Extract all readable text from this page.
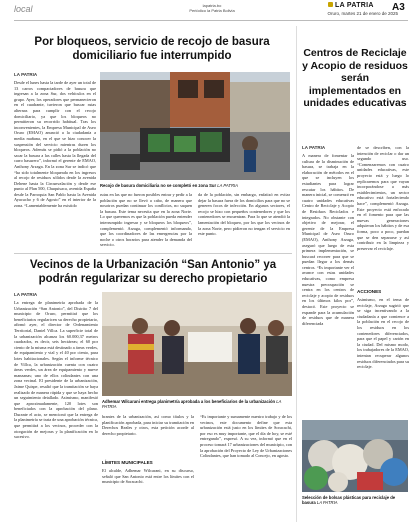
local	lapatria.bo
Periódico la Patria Bolivia
LA PATRIA
Oruro, martes 21 de enero de 2025
A3
Por bloqueos, servicio de recojo de basura domiciliario fue interrumpido
LA PATRIA
Desde el lunes hasta la tarde de ayer un total de 13 carros compactadores de basura que ingresan a la zona Sur, dos vehículos en el grupo. Ayer, los operadores que permanecieron en el cuadrante, tuvieron que buscar rutas alternas para cumplir con el recojo domiciliario, ya que los bloqueos no permitieron su recorrido habitual. Tras los inconvenientes, la Empresa Municipal de Aseo Oruro (EMAO) anunció a la ciudadanía a media mañana, en el que se hizo conocer la suspensión del servicio mientras duren los bloqueos. Además se pidió a la población no sacar la basura a las calles hasta la llegada del carro basurero”, informó el gerente de EMAO, Anthony Arzaga. En la zona Sur se indicó que “ha sido totalmente bloqueada en los ingresos al recojo de residuos sólidos desde la avenida Dehene hasta la Circunvalación y desde ese punto al Plan 500, Chuquisaca, avenida España desde la Parroquia San Pablo hasta la Avenida Ayacucho y 6 de Agosto” en el interior de la zona. “Lamentablemente ha existido
Recojo de basura domiciliaria no se completó en zona Sur LA PATRIA
rutas en las que no fueron posibles entrar y pedir a la población que no se llevó a cabo, de manera que nosotros puedan continuar los conflictos, no saquen la basura. Este tema necesita que en la zona Norte. Lo que queremos es que la población pueda entender interrumpido ingresar y se bloqueos los bloqueos”, complementó. Arzaga, complementó informando, que los coordinadores de las emergencias por la noche o otros horarios para atender la demanda del servicio.
da de la población, sin embargo, enfatizó en evitar dejar la basura fuera de los domicilios para que no se generen focos de infección. En algunos sectores, el recojo se hizo con pequeños contenedores y que los contenedores se encuentran. Para lo que se atendió la lamentación del bloqueo, por los que los vecinos de la zona Norte, pero pidieron no tengan el servicio en este punto.
Centros de Reciclaje y Acopio de residuos serán implementados en unidades educativas
LA PATRIA
A manera de fomentar la cultura de la disminución de basura, se trabaja en la elaboración de métodos en el que se incluyen los estudiantes para lograr rescatar los hábitos. De manera inicial, se comenzó en cuatro unidades educativas Centro de Reciclaje y Acopio de Residuos Reciclados e integrados. No obstante con objetivo de mejorar, el gerente de la Empresa Municipal de Aseo Oruro (EMAO), Anthony Arzaga, aseguró que luego de esta primera implementación, se buscará recorrer para que se puedan llegar a los demás centros. “Es importante ver el avance con estas unidades educativas, como empresa nuestra preocupación se centra en los centros de reciclaje y acopio de residuos en los últimos kilos por”, destacó. Este proyecto se expande para la acumulación de residuos que de manera diferenciada
de se describen, con la intención de reciclar o dar un segundo uso. “Comenzaremos con cuatro unidades educativas, este proyecto está y luego lo replicaremos para que vayan incorporándose a más establecimientos, un sector educativo está fortaleciendo hace”, complementó Arzaga. Este proyecto está enfocado en el fomento para que las nuevas generaciones adquieran los hábitos y de esa forma, poco a poco, puedan que se den separarse y así contribuir en la limpieza y preservar el reciclaje.
ACCIONES
Asimismo, en el tema de reciclaje, Arzaga sugirió que se siga incentivando a la ciudadanía a que comience a la población en el recojo de los residuos en los contenedores diferenciados, para que el papel y cartón en la ciudad. Del mismo modo, los trabajadores de la EMAO, intentan recuperar algunos residuos diferenciados para su reciclaje.
Selección de bolsas plásticas para reciclaje de basura LA PATRIA
Vecinos de la Urbanización “San Antonio” ya podrán regularizar su derecho propietario
LA PATRIA
La entrega de planimetría aprobada de la Urbanización “San Antonio”, del Distrito 7 del municipio de Oruro, permitirá que los beneficiarios regularicen su derecho propietario, afirmó ayer, el director de Ordenamiento Territorial, Daniel Villca. La superficie total de la urbanización alcanza los 60.000,37 metros cuadrados, es decir, seis hectáreas; el 60 por ciento de la misma está destinado a áreas verdes, de equipamiento y vial y el 40 por ciento, para lotes habitacionales. Según el informe técnico de Villca, la urbanización cuenta con cuatro áreas verdes, un área de equipamiento y nueve manzanas; uno de ellos colindantes con una zona vecinal. El presidente de la urbanización, Jaime Quispe, resaltó que la tramitación se haya realizado de manera rápida y que se haya hecho un seguimiento detallado. Asimismo, manifestó que aproximadamente, 120 lotes son beneficiados con la aprobación del plano. Durante el acto, se mencionó que la entrega de la planimetría se trata de una aprobación técnica, que permitirá a los vecinos, proceder con la otorgación de mejoras y la planificación en lo sucesivo.
Adhemar Wilcarani entrega planimetría aprobada a los beneficiarios de la urbanización LA PATRIA
brantes de la urbanización, así como títulos y la planificación aprobada, para iniciar su tramitación en Derechos Reales y otros, esta petición acorde al derecho propietario.
LÍMITES MUNICIPALES
El alcalde, Adhemar Wilcarani, en su discurso, señaló que San Antonio está entre los límites con el municipio de Soracachi.
“Es importante y sumamente nuestro trabajo y de los vecinos, este documento define que esta urbanización está justo en los límites de Soracachi, por eso es muy importante, que el día de hoy, se esté entregando”, expresó. A su vez, informó que en el proceso tomará 17 urbanizaciones del municipio, con la aprobación del Proyecto de Ley de Urbanizaciones Colindantes, que han tomado al Concejo, en agosto.
